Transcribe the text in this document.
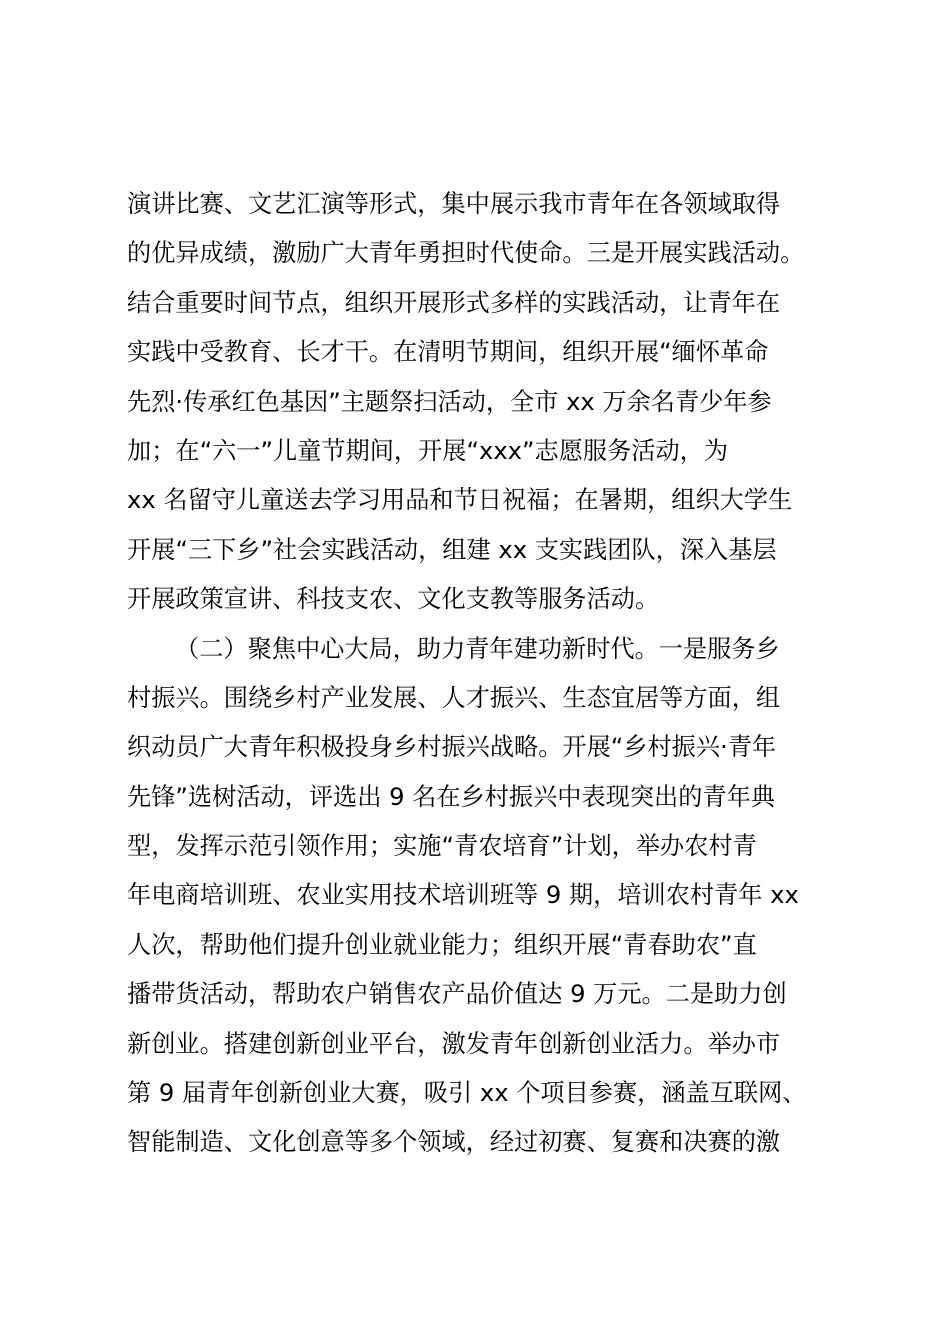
演讲比赛、文艺汇演等形式，集中展示我市青年在各领域取得
的优异成绩，激励广大青年勇担时代使命。三是开展实践活动。
结合重要时间节点，组织开展形式多样的实践活动，让青年在
实践中受教育、长才干。在清明节期间，组织开展“缅怀革命
先烈·传承红色基因”主题祭扫活动，全市 xx 万余名青少年参
加；在“六一”儿童节期间，开展“xxx”志愿服务活动，为
xx 名留守儿童送去学习用品和节日祝福；在暑期，组织大学生
开展“三下乡”社会实践活动，组建 xx 支实践团队，深入基层
开展政策宣讲、科技支农、文化支教等服务活动。
（二）聚焦中心大局，助力青年建功新时代。一是服务乡
村振兴。围绕乡村产业发展、人才振兴、生态宜居等方面，组
织动员广大青年积极投身乡村振兴战略。开展“乡村振兴·青年
先锋”选树活动，评选出 9 名在乡村振兴中表现突出的青年典
型，发挥示范引领作用；实施“青农培育”计划，举办农村青
年电商培训班、农业实用技术培训班等 9 期，培训农村青年 xx
人次，帮助他们提升创业就业能力；组织开展“青春助农”直
播带货活动，帮助农户销售农产品价值达 9 万元。二是助力创
新创业。搭建创新创业平台，激发青年创新创业活力。举办市
第 9 届青年创新创业大赛，吸引 xx 个项目参赛，涵盖互联网、
智能制造、文化创意等多个领域，经过初赛、复赛和决赛的激
